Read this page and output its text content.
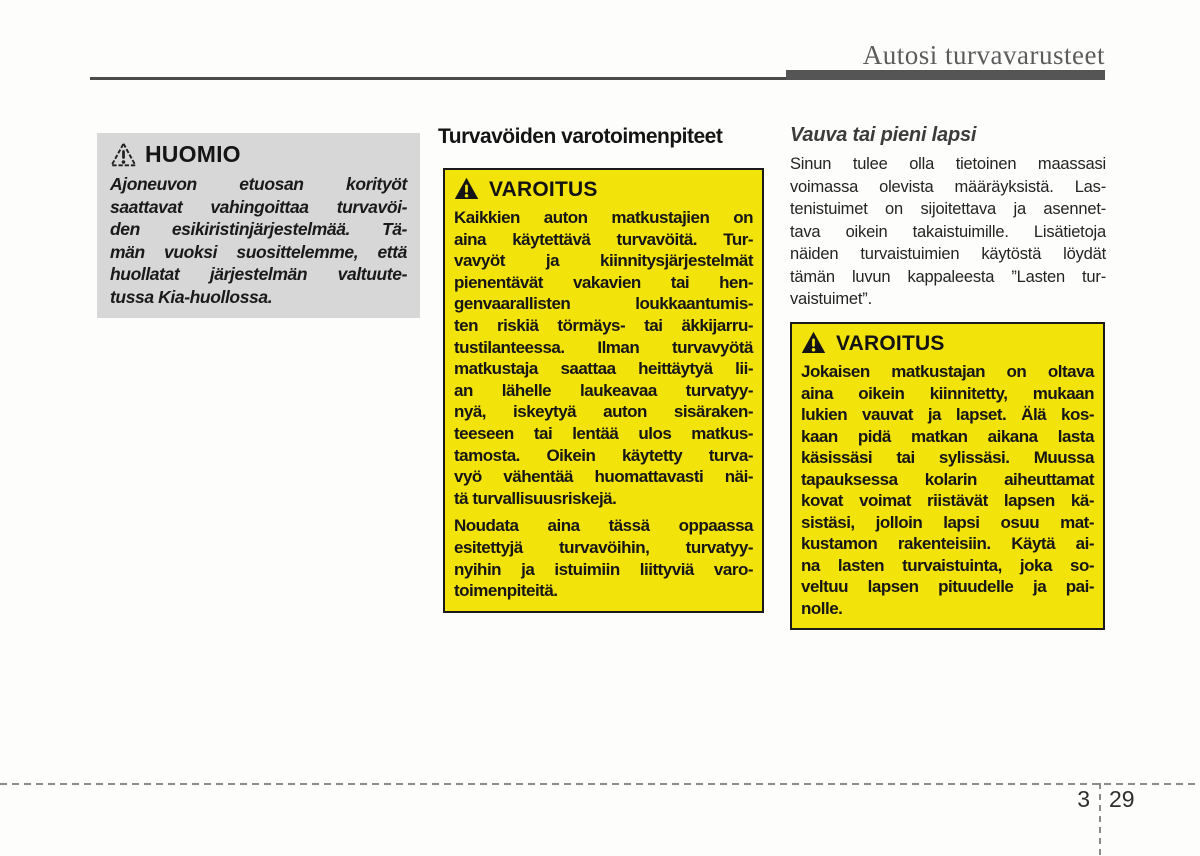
Autosi turvavarusteet
HUOMIO
Ajoneuvon etuosan korityöt
saattavat vahingoittaa turvavöi-
den esikiristinjärjestelmää. Tä-
män vuoksi suosittelemme, että
huollatat järjestelmän valtuute-
tussa Kia-huollossa.
Turvavöiden varotoimenpiteet
VAROITUS
Kaikkien auton matkustajien on
aina käytettävä turvavöitä. Tur-
vavyöt ja kiinnitysjärjestelmät
pienentävät vakavien tai hen-
genvaarallisten loukkaantumis-
ten riskiä törmäys- tai äkkijarru-
tustilanteessa. Ilman turvavyötä
matkustaja saattaa heittäytyä lii-
an lähelle laukeavaa turvatyy-
nyä, iskeytyä auton sisäraken-
teeseen tai lentää ulos matkus-
tamosta. Oikein käytetty turva-
vyö vähentää huomattavasti näi-
tä turvallisuusriskejä.
Noudata aina tässä oppaassa
esitettyjä turvavöihin, turvatyy-
nyihin ja istuimiin liittyviä varo-
toimenpiteitä.
Vauva tai pieni lapsi
Sinun tulee olla tietoinen maassasi
voimassa olevista määräyksistä. Las-
tenistuimet on sijoitettava ja asennet-
tava oikein takaistuimille. Lisätietoja
näiden turvaistuimien käytöstä löydät
tämän luvun kappaleesta ”Lasten tur-
vaistuimet”.
VAROITUS
Jokaisen matkustajan on oltava
aina oikein kiinnitetty, mukaan
lukien vauvat ja lapset. Älä kos-
kaan pidä matkan aikana lasta
käsissäsi tai sylissäsi. Muussa
tapauksessa kolarin aiheuttamat
kovat voimat riistävät lapsen kä-
sistäsi, jolloin lapsi osuu mat-
kustamon rakenteisiin. Käytä ai-
na lasten turvaistuinta, joka so-
veltuu lapsen pituudelle ja pai-
nolle.
3 29
